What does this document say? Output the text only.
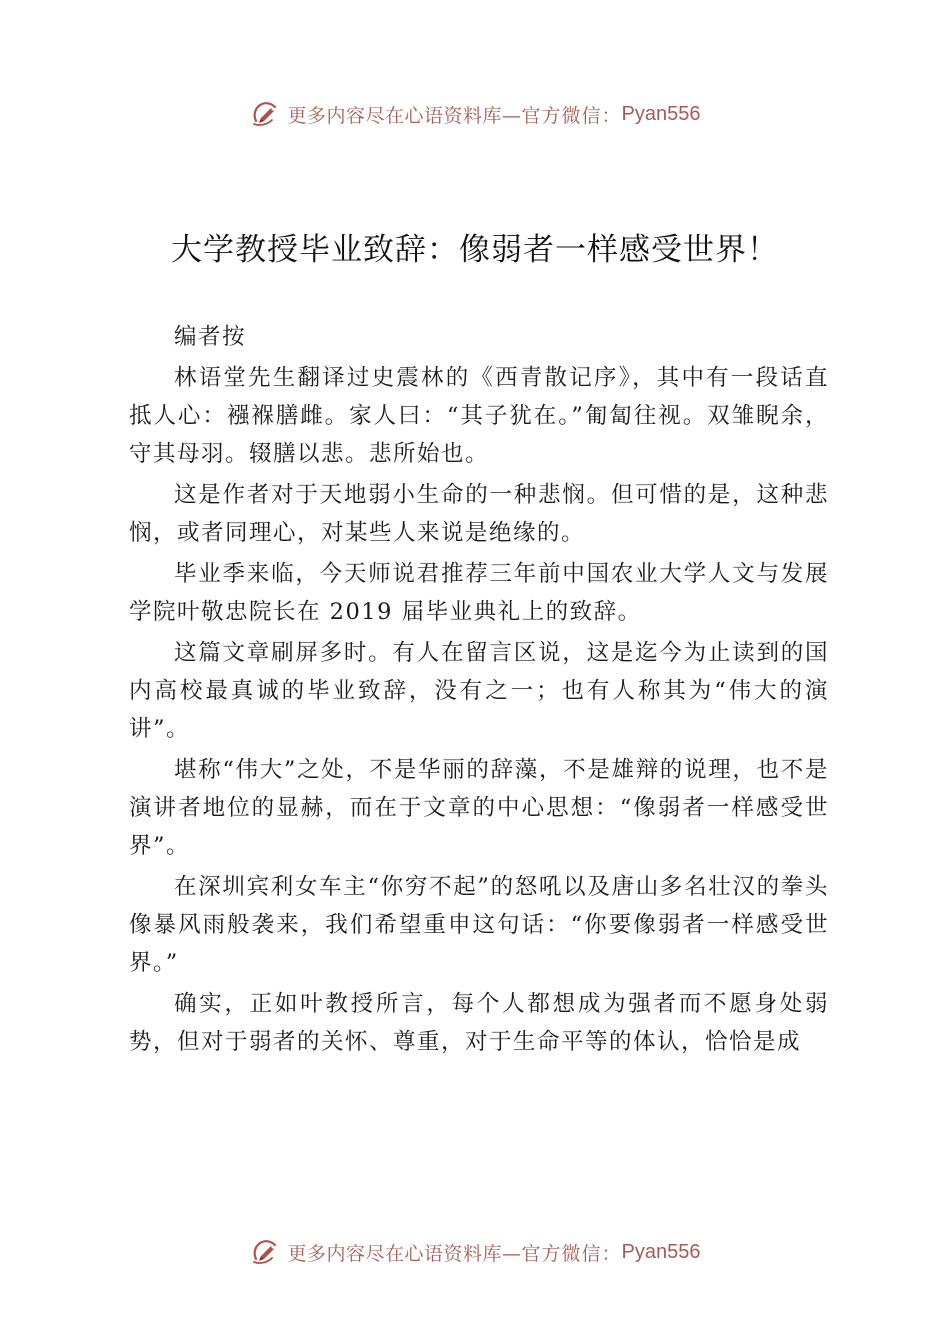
更多内容尽在心语资料库— 官方微信： Pyan556
大学教授毕业致辞：像弱者一样感受世界！

编者按

林语堂先生翻译过史震林的《西青散记序》，其中有一段话直抵人心：襁褓膳雌。家人曰：“其子犹在。”匍匐往视。双雏睨余，守其母羽。辍膳以悲。悲所始也。

这是作者对于天地弱小生命的一种悲悯。但可惜的是，这种悲悯，或者同理心，对某些人来说是绝缘的。

毕业季来临，今天师说君推荐三年前中国农业大学人文与发展学院叶敬忠院长在 2019 届毕业典礼上的致辞。

这篇文章刷屏多时。有人在留言区说，这是迄今为止读到的国内高校最真诚的毕业致辞，没有之一；也有人称其为“伟大的演讲”。

堪称“伟大”之处，不是华丽的辞藻，不是雄辩的说理，也不是演讲者地位的显赫，而在于文章的中心思想：“像弱者一样感受世界”。

在深圳宾利女车主“你穷不起”的怒吼以及唐山多名壮汉的拳头像暴风雨般袭来，我们希望重申这句话：“你要像弱者一样感受世界。”

确实，正如叶教授所言，每个人都想成为强者而不愿身处弱势，但对于弱者的关怀、尊重，对于生命平等的体认，恰恰是成

更多内容尽在心语资料库— 官方微信： Pyan556
